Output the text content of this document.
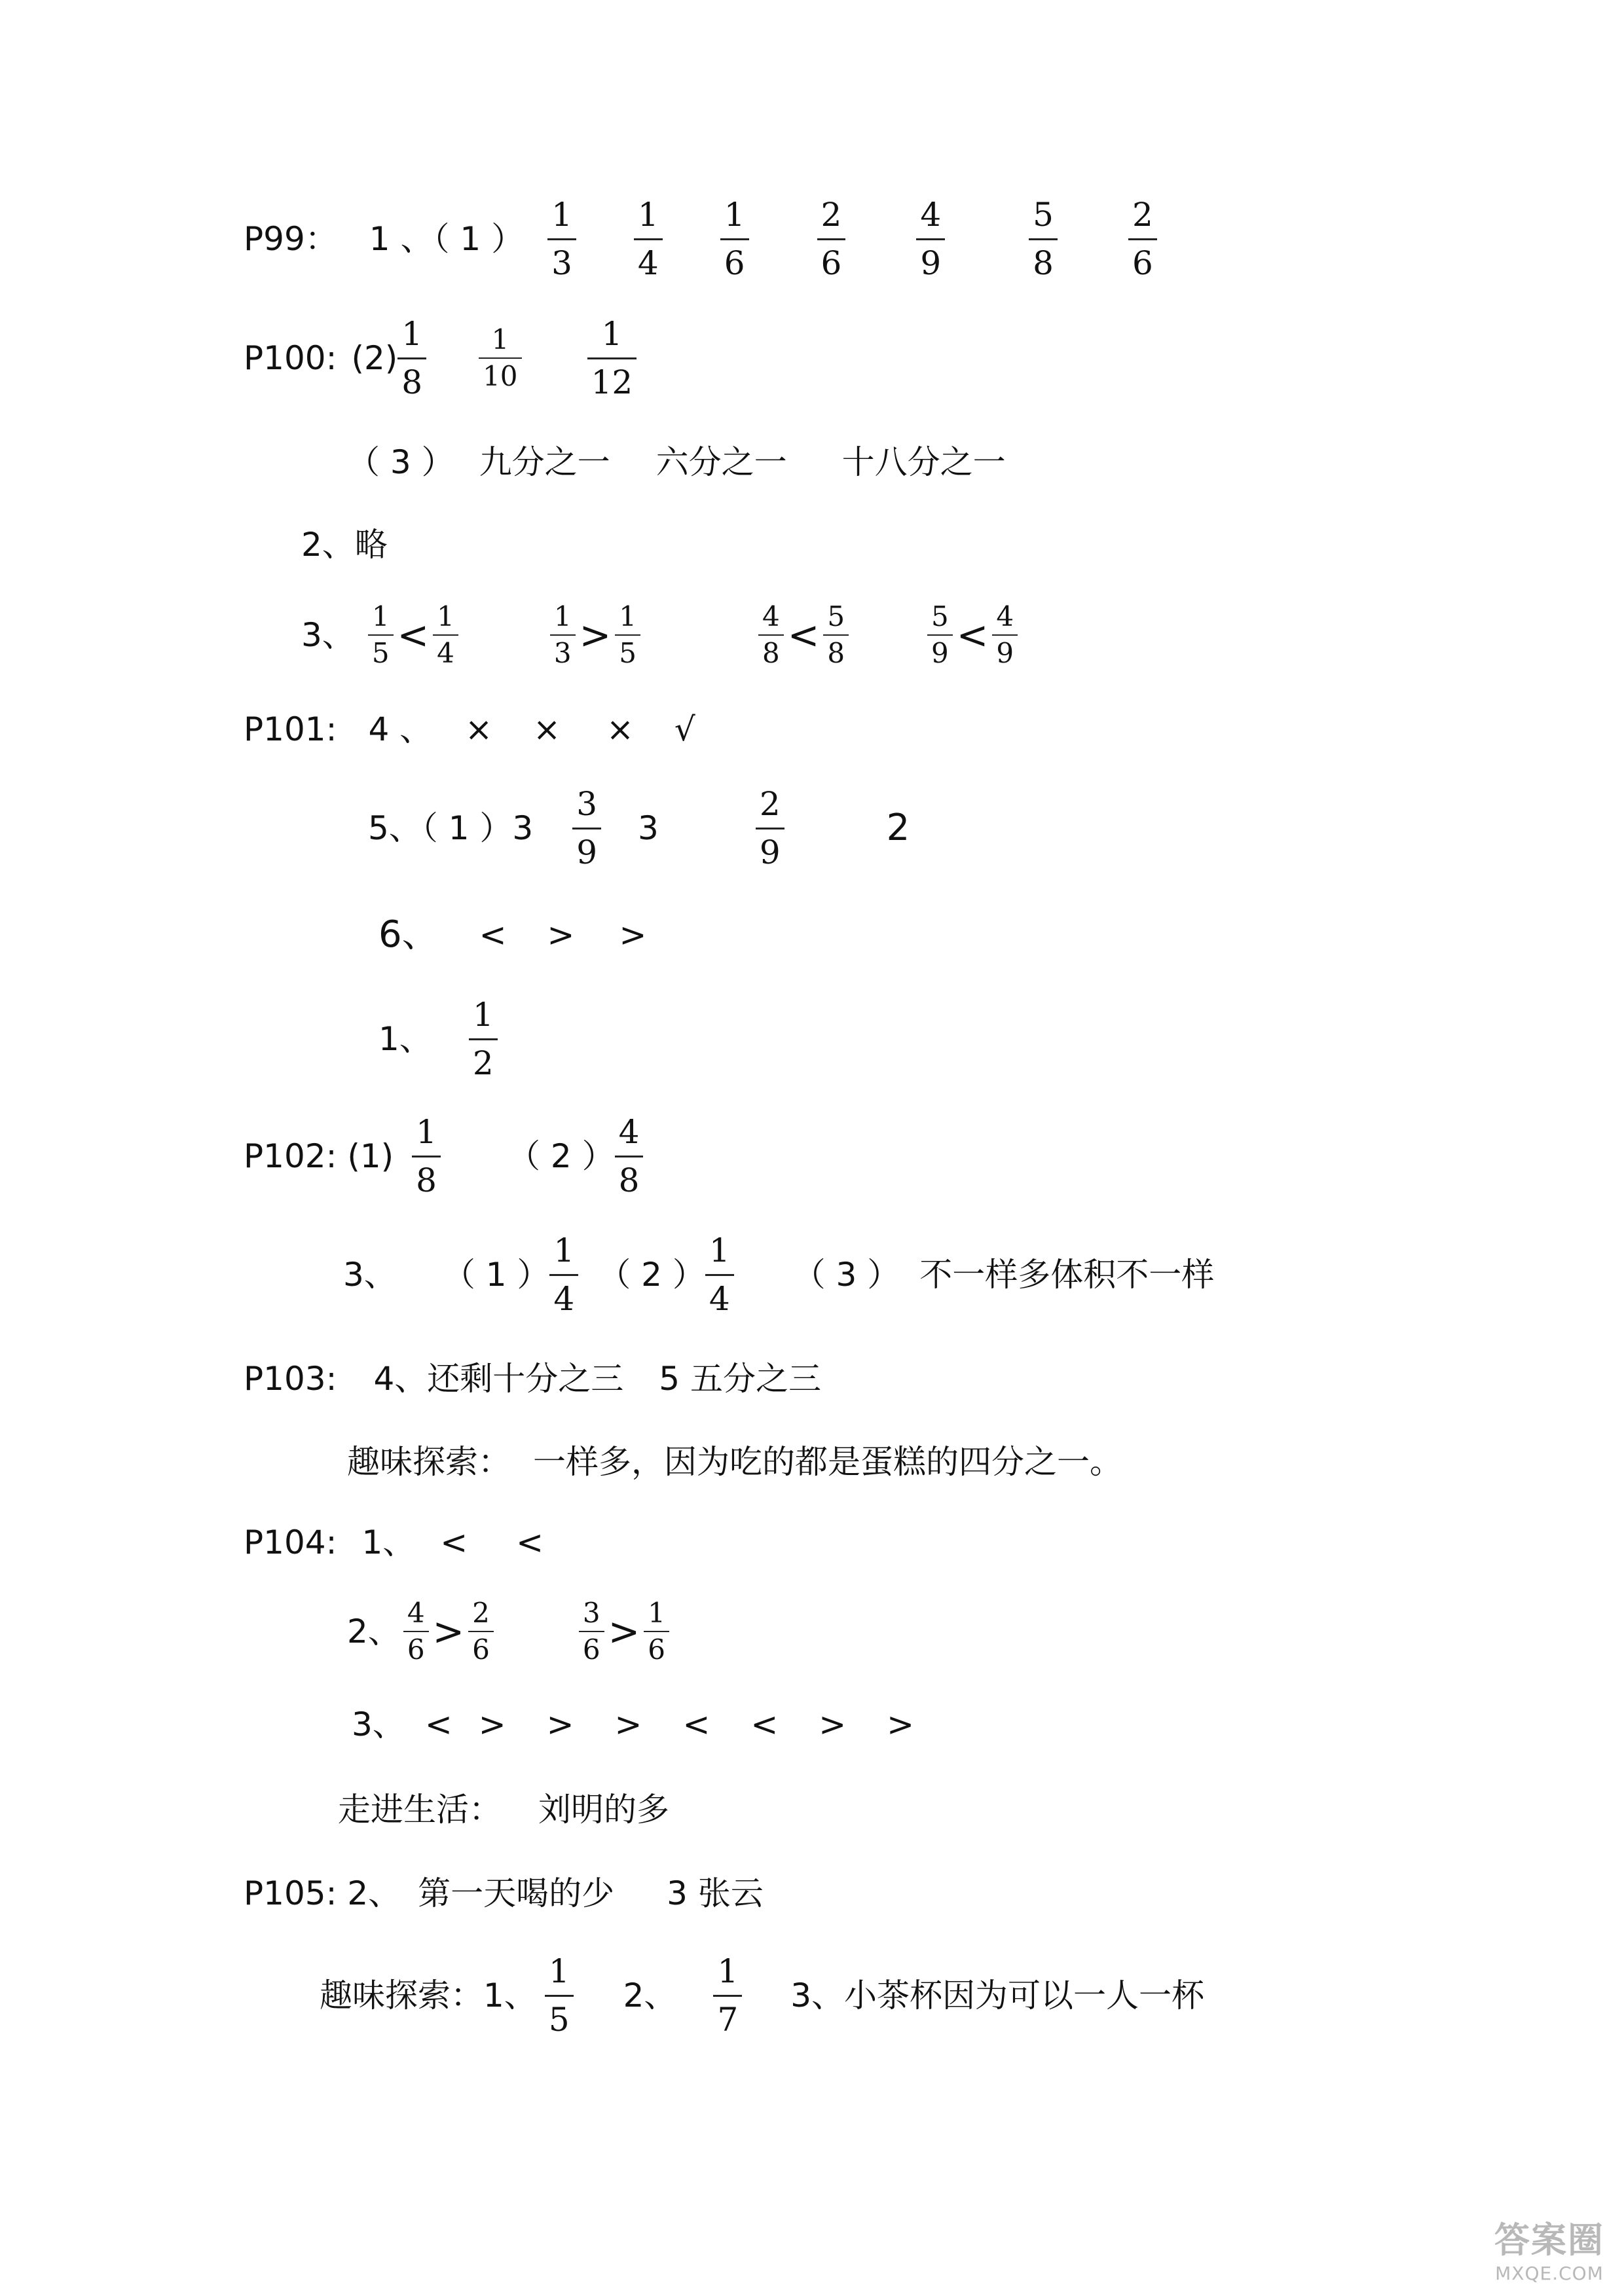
P99： 1 、（ 1 ）
1
3
1
4
1
6
2
6
4
9
5
8
2
6
P100: (2)
1
8
1
10
1
12
（ 3 ） 九分之一 六分之一 十八分之一
2、略
3、 1
5 < 1
4
1
3 > 1
5
4
8 < 5
8
5
9 < 4
9
P101: 4 、 × × × √
5、（ 1 ）3
3
9
3
2
9
2
6、 < > >
1、
1
2
P102: (1)
1
8
（ 2 ）
4
8
3、 （ 1 ）
1
4
（ 2 ）
1
4
（ 3 ） 不一样多体积不一样
P103: 4、还剩十分之三 5 五分之三
趣味探索： 一样多，因为吃的都是蛋糕的四分之一。
P104: 1、 < <
2、 4
6 > 2
6
3
6 > 1
6
3、 < > > > < < > >
走进生活： 刘明的多
P105: 2、 第一天喝的少 3 张云
趣味探索：1、
1
5
2、
1
7
3、小茶杯因为可以一人一杯
答案圈
MXQE.COM
